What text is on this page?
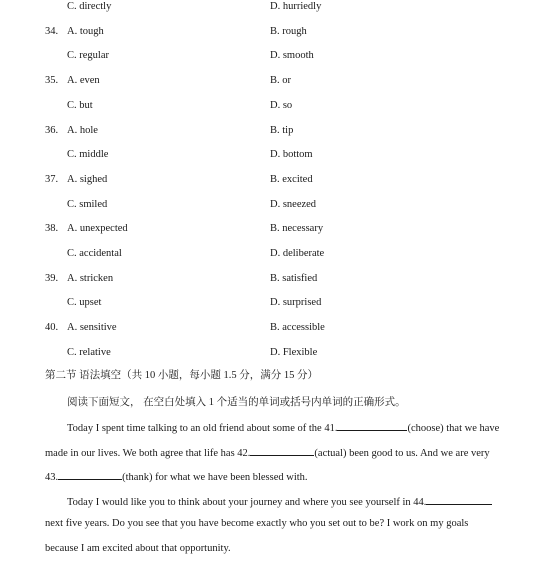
C. directly	D. hurriedly
34. A. tough	B. rough
C. regular	D. smooth
35. A. even	B. or
C. but	D. so
36. A. hole	B. tip
C. middle	D. bottom
37. A. sighed	B. excited
C. smiled	D. sneezed
38. A. unexpected	B. necessary
C. accidental	D. deliberate
39. A. stricken	B. satisfied
C. upset	D. surprised
40. A. sensitive	B. accessible
C. relative	D. Flexible
第二节 语法填空（共 10 小题，每小题 1.5 分，满分 15 分）
阅读下面短文， 在空白处填入 1 个适当的单词或括号内单词的正确形式。
Today I spent time talking to an old friend about some of the 41.	(choose) that we have
made in our lives. We both agree that life has 42.	(actual) been good to us. And we are very
43.	(thank) for what we have been blessed with.
Today I would like you to think about your journey and where you see yourself in 44.
next five years. Do you see that you have become exactly who you set out to be? I work on my goals
because I am excited about that opportunity.
